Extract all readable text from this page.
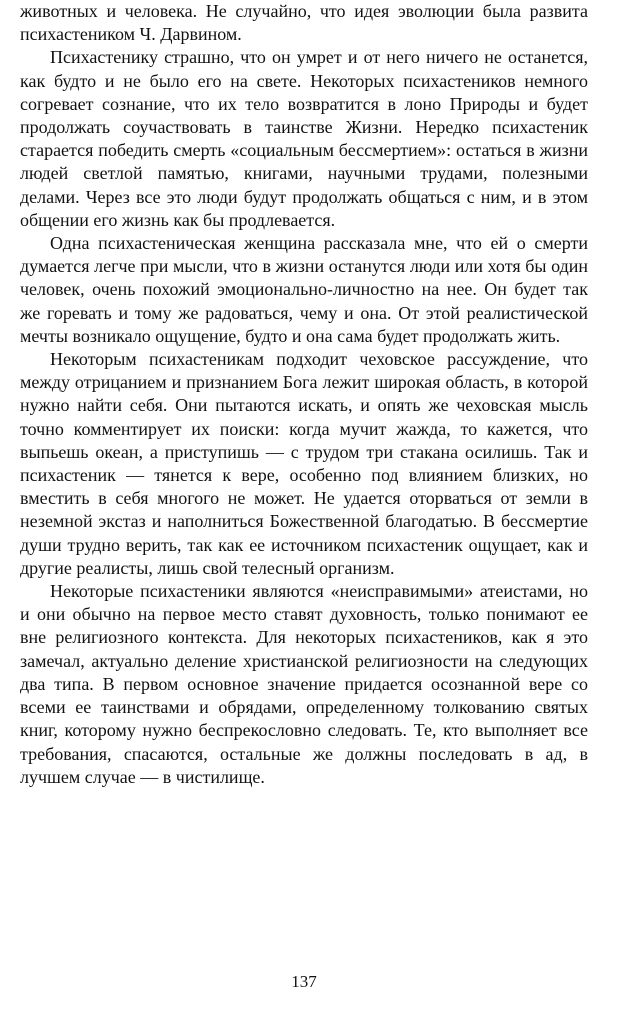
животных и человека. Не случайно, что идея эволюции была развита психастеником Ч. Дарвином.

Психастенику страшно, что он умрет и от него ничего не останется, как будто и не было его на свете. Некоторых психастеников немного согревает сознание, что их тело возвратится в лоно Природы и будет продолжать соучаствовать в таинстве Жизни. Нередко психастеник старается победить смерть «социальным бессмертием»: остаться в жизни людей светлой памятью, книгами, научными трудами, полезными делами. Через все это люди будут продолжать общаться с ним, и в этом общении его жизнь как бы продлевается.

Одна психастеническая женщина рассказала мне, что ей о смерти думается легче при мысли, что в жизни останутся люди или хотя бы один человек, очень похожий эмоционально-личностно на нее. Он будет так же горевать и тому же радоваться, чему и она. От этой реалистической мечты возникало ощущение, будто и она сама будет продолжать жить.

Некоторым психастеникам подходит чеховское рассуждение, что между отрицанием и признанием Бога лежит широкая область, в которой нужно найти себя. Они пытаются искать, и опять же чеховская мысль точно комментирует их поиски: когда мучит жажда, то кажется, что выпьешь океан, а приступишь — с трудом три стакана осилишь. Так и психастеник — тянется к вере, особенно под влиянием близких, но вместить в себя многого не может. Не удается оторваться от земли в неземной экстаз и наполниться Божественной благодатью. В бессмертие души трудно верить, так как ее источником психастеник ощущает, как и другие реалисты, лишь свой телесный организм.

Некоторые психастеники являются «неисправимыми» атеистами, но и они обычно на первое место ставят духовность, только понимают ее вне религиозного контекста. Для некоторых психастеников, как я это замечал, актуально деление христианской религиозности на следующих два типа. В первом основное значение придается осознанной вере со всеми ее таинствами и обрядами, определенному толкованию святых книг, которому нужно беспрекословно следовать. Те, кто выполняет все требования, спасаются, остальные же должны последовать в ад, в лучшем случае — в чистилище.

137
